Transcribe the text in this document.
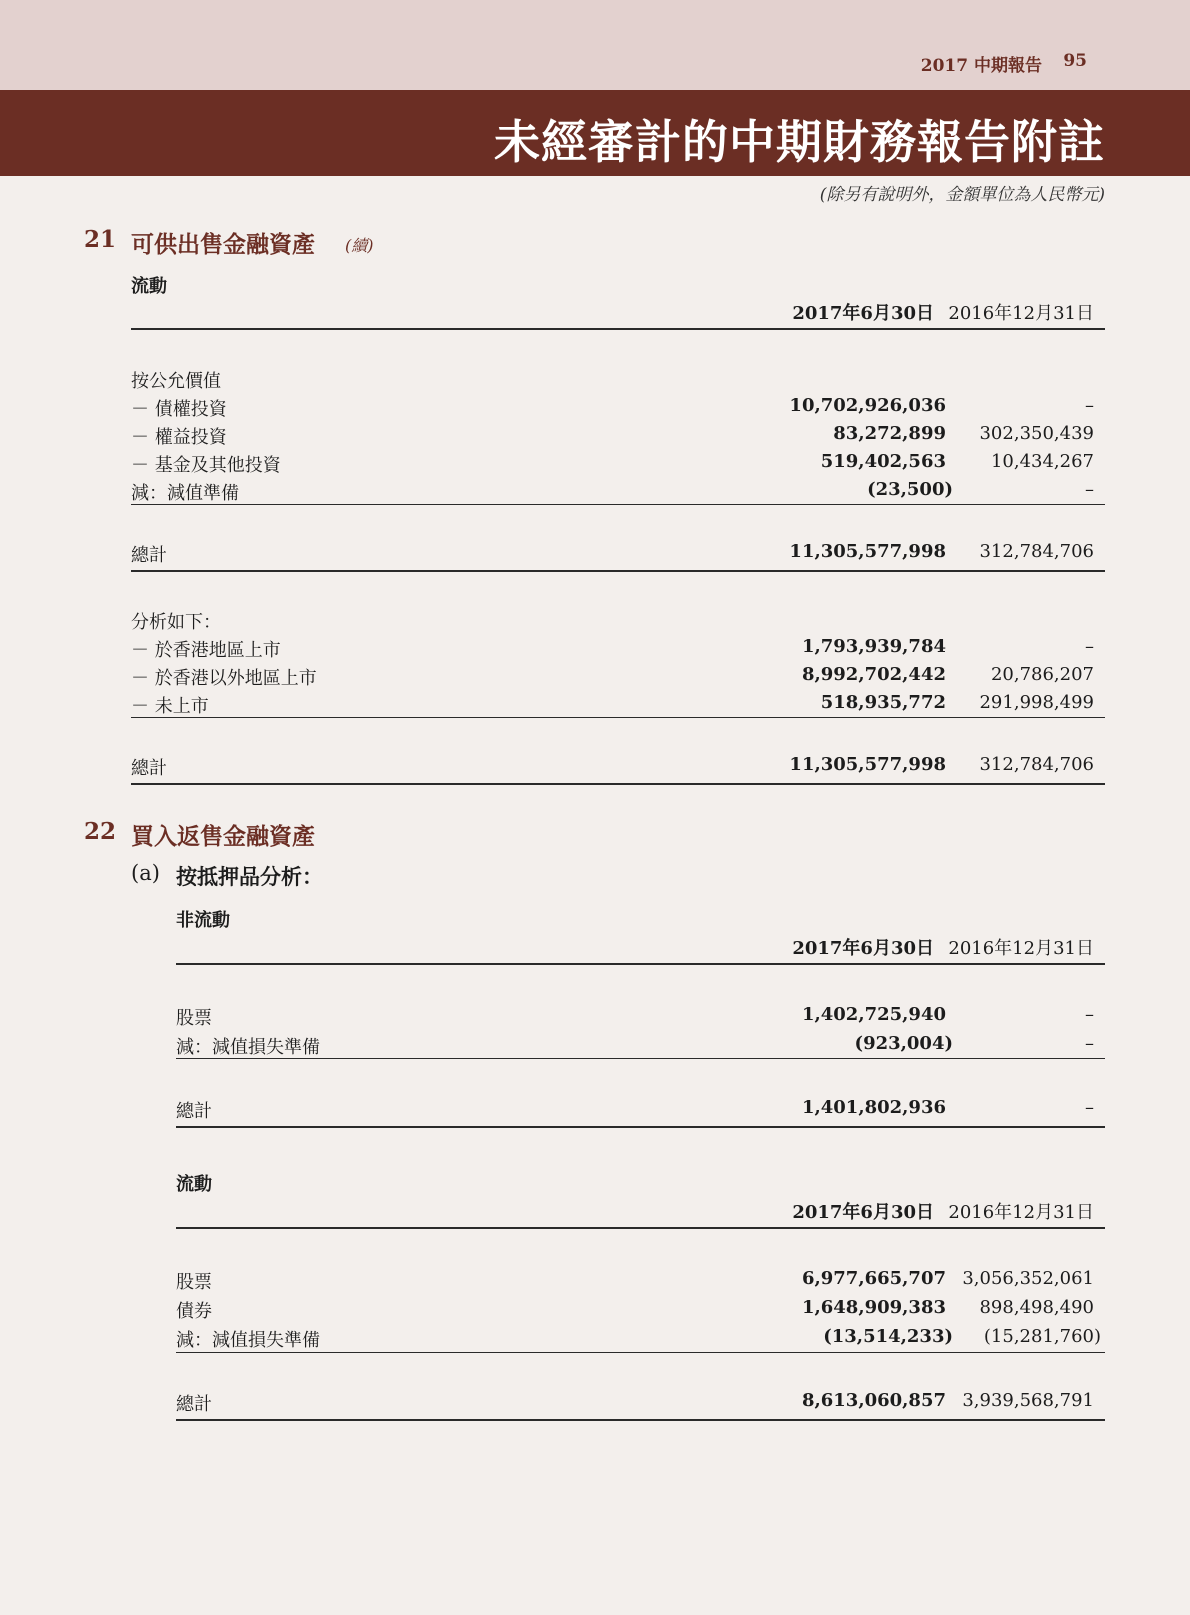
2017 中期報告 95
未經審計的中期財務報告附註
(除另有說明外，金額單位為人民幣元)
21 可供出售金融資產 (續)
流動
2017年6月30日 2016年12月31日
按公允價值
－ 債權投資	10,702,926,036	–
－ 權益投資	83,272,899 302,350,439
－ 基金及其他投資	519,402,563 10,434,267
減：減值準備	(23,500)	–
總計	11,305,577,998 312,784,706
分析如下：
－ 於香港地區上市	1,793,939,784	–
－ 於香港以外地區上市	8,992,702,442 20,786,207
－ 未上市	518,935,772 291,998,499
總計	11,305,577,998 312,784,706
22 買入返售金融資產
(a) 按抵押品分析：
非流動
2017年6月30日 2016年12月31日
股票	1,402,725,940	–
減：減值損失準備	(923,004)	–
總計	1,401,802,936	–
流動
2017年6月30日 2016年12月31日
股票	6,977,665,707 3,056,352,061
債券	1,648,909,383 898,498,490
減：減值損失準備	(13,514,233) (15,281,760)
總計	8,613,060,857 3,939,568,791
